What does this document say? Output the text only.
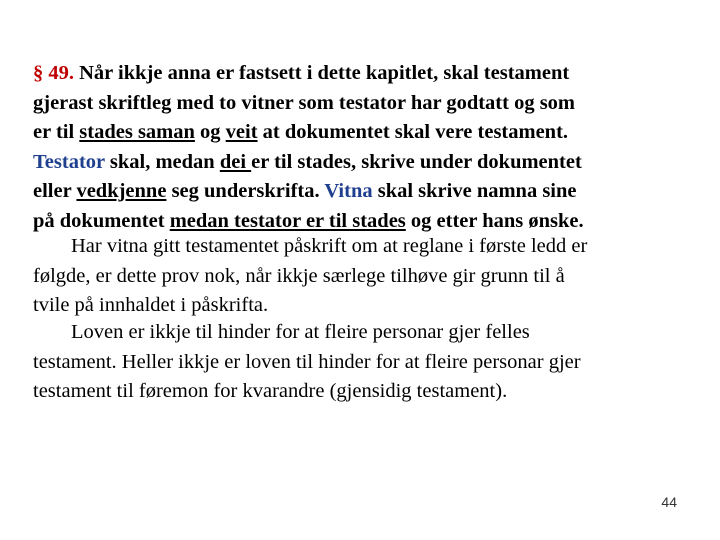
§ 49. Når ikkje anna er fastsett i dette kapitlet, skal testament
gjerast skriftleg med to vitner som testator har godtatt og som
er til stades saman og veit at dokumentet skal vere testament.
Testator skal, medan dei er til stades, skrive under dokumentet
eller vedkjenne seg underskrifta. Vitna skal skrive namna sine
på dokumentet medan testator er til stades og etter hans ønske.
Har vitna gitt testamentet påskrift om at reglane i første ledd er
følgde, er dette prov nok, når ikkje særlege tilhøve gir grunn til å
tvile på innhaldet i påskrifta.
Loven er ikkje til hinder for at fleire personar gjer felles
testament. Heller ikkje er loven til hinder for at fleire personar gjer
testament til føremon for kvarandre (gjensidig testament).
44
